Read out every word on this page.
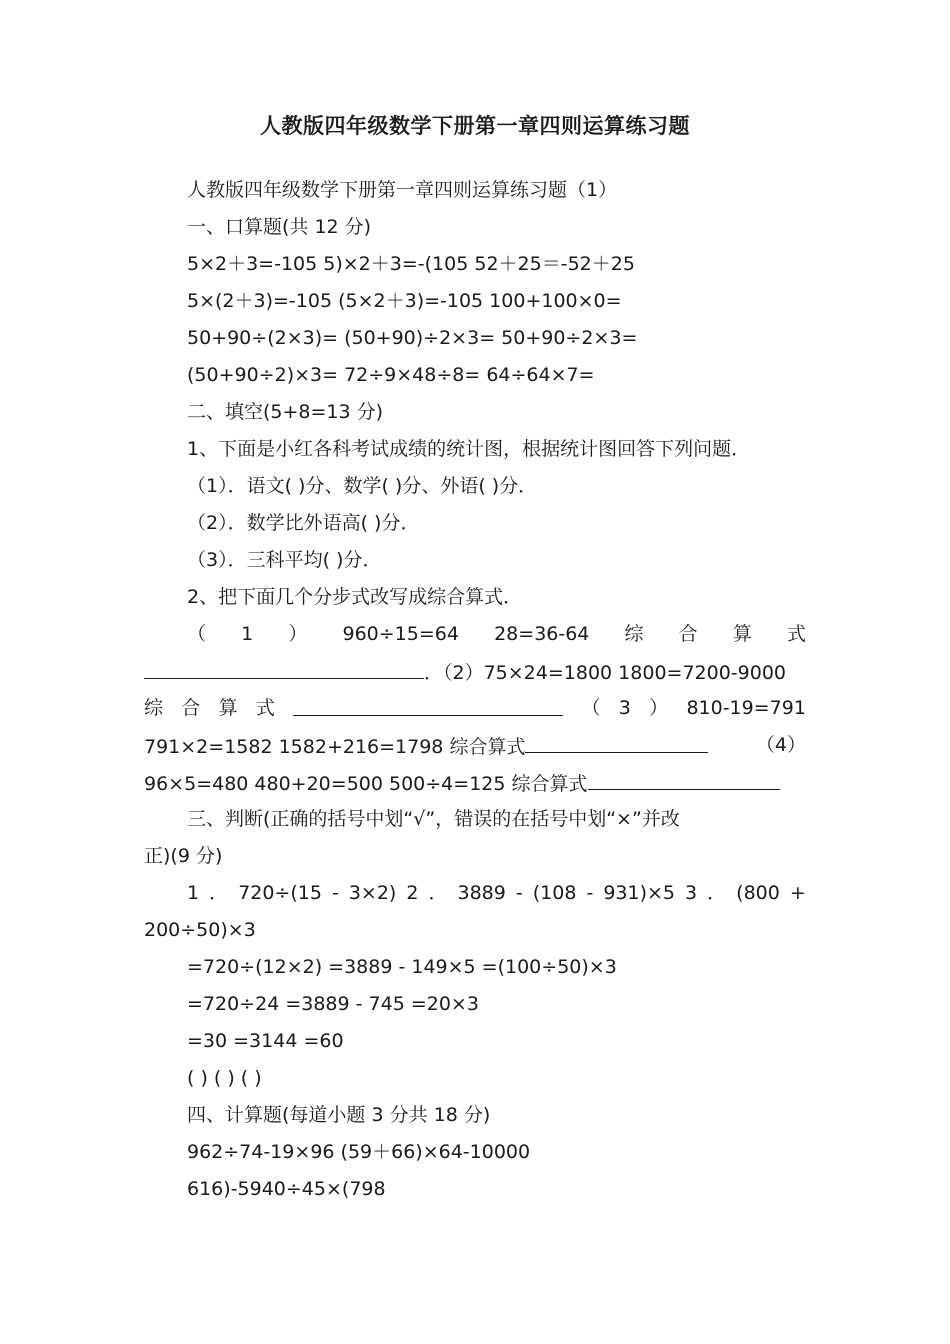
人教版四年级数学下册第一章四则运算练习题
人教版四年级数学下册第一章四则运算练习题（1）
一、口算题(共 12 分)
5×2＋3=-105 5)×2＋3=-(105 52＋25＝-52＋25
5×(2＋3)=-105 (5×2＋3)=-105 100+100×0=
50+90÷(2×3)= (50+90)÷2×3= 50+90÷2×3=
(50+90÷2)×3= 72÷9×48÷8= 64÷64×7=
二、填空(5+8=13 分)
1、下面是小红各科考试成绩的统计图，根据统计图回答下列问题．
（1）．语文( )分、数学( )分、外语( )分．
（2）．数学比外语高( )分．
（3）．三科平均( )分．
2、把下面几个分步式改写成综合算式．
（ 1 ） 960÷15=64 28=36-64 综 合 算 式
．（2）75×24=1800 1800=7200-9000
综 合 算 式	（ 3 ） 810-19=791
791×2=1582 1582+216=1798 综合算式	（4）
96×5=480 480+20=500 500÷4=125 综合算式
三、判断(正确的括号中划“√”，错误的在括号中划“×”并改
正)(9 分)
1 ． 720÷(15 - 3×2) 2 ． 3889 - (108 - 931)×5 3 ． (800 +
200÷50)×3
=720÷(12×2) =3889 - 149×5 =(100÷50)×3
=720÷24 =3889 - 745 =20×3
=30 =3144 =60
( ) ( ) ( )
四、计算题(每道小题 3 分共 18 分)
962÷74-19×96 (59＋66)×64-10000
616)-5940÷45×(798
